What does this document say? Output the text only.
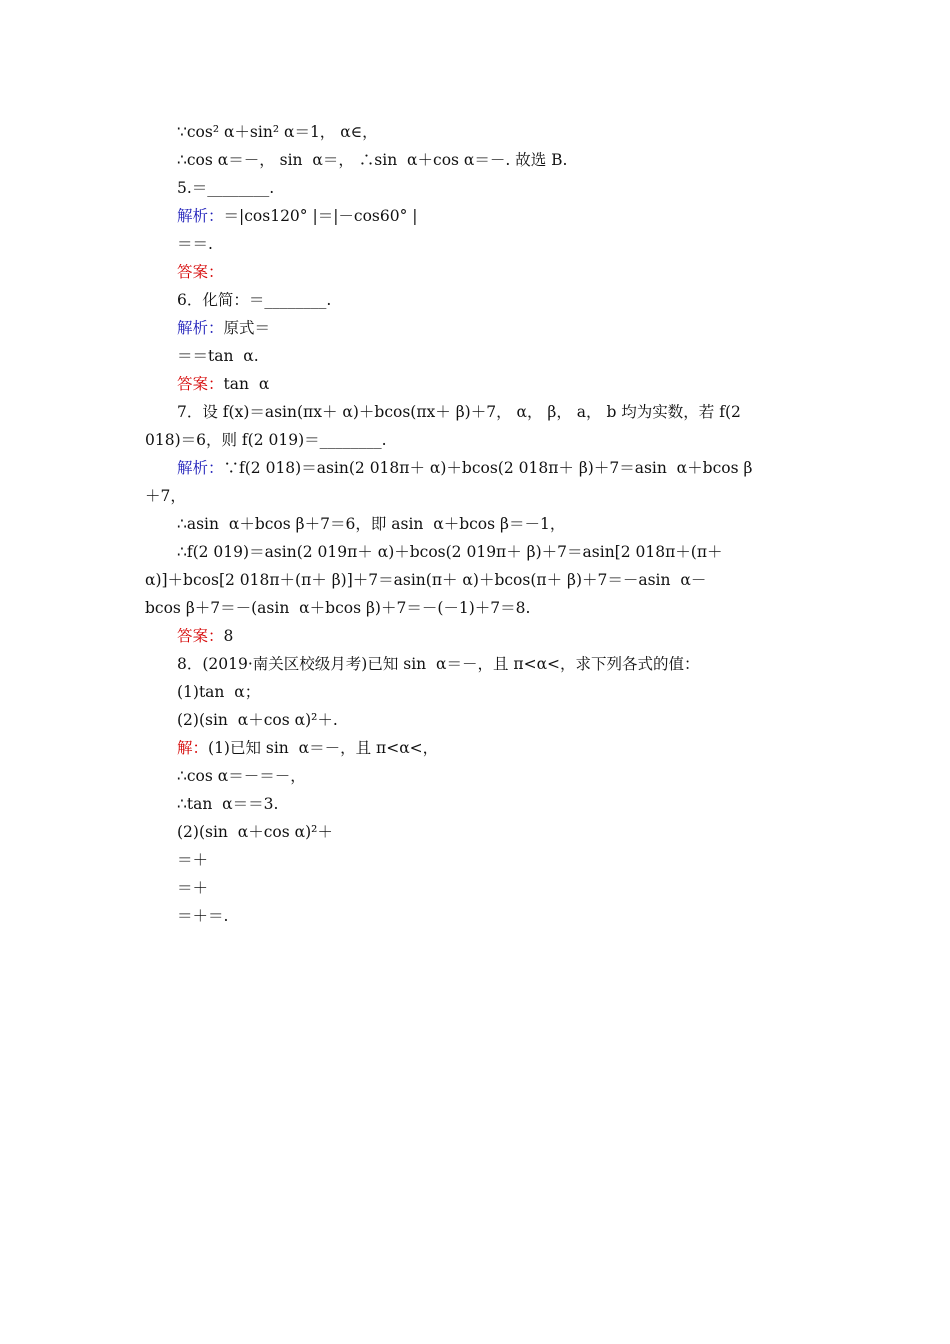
∵cos² α＋sin² α＝1， α∈，
∴cos α＝－， sin  α＝， ∴sin  α＋cos α＝－. 故选 B.
5.＝________.
解析：＝|cos120° |＝|－cos60° |
＝＝.
答案：
6．化简：＝________.
解析：原式＝
＝＝tan  α.
答案：tan  α
7．设 f(x)＝asin(πx＋ α)＋bcos(πx＋ β)＋7， α， β， a， b 均为实数，若 f(2
018)＝6，则 f(2 019)＝________.
解析：∵f(2 018)＝asin(2 018π＋ α)＋bcos(2 018π＋ β)＋7＝asin  α＋bcos β
＋7，
∴asin  α＋bcos β＋7＝6，即 asin  α＋bcos β＝－1，
∴f(2 019)＝asin(2 019π＋ α)＋bcos(2 019π＋ β)＋7＝asin[2 018π＋(π＋
α)]＋bcos[2 018π＋(π＋ β)]＋7＝asin(π＋ α)＋bcos(π＋ β)＋7＝－asin  α－
bcos β＋7＝－(asin  α＋bcos β)＋7＝－(－1)＋7＝8.
答案：8
8．(2019·南关区校级月考)已知 sin  α＝－，且 π<α<，求下列各式的值：
(1)tan  α；
(2)(sin  α＋cos α)²＋.
解：(1)已知 sin  α＝－，且 π<α<，
∴cos α＝－＝－，
∴tan  α＝＝3.
(2)(sin  α＋cos α)²＋
＝＋
＝＋
＝＋＝.
